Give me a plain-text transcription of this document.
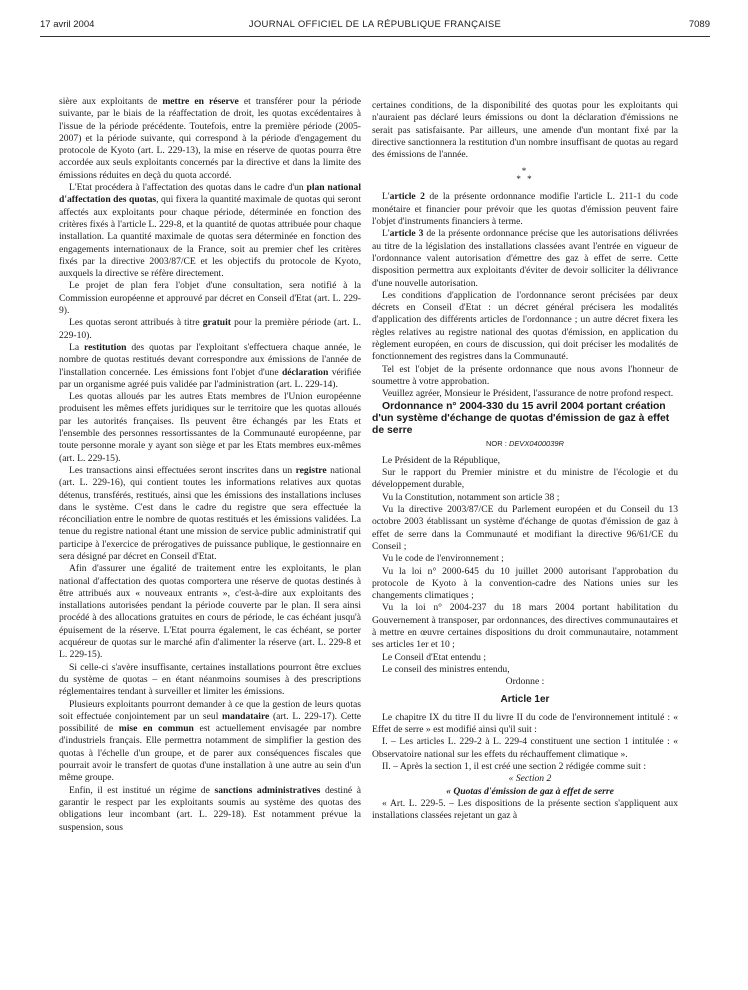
17 avril 2004	JOURNAL OFFICIEL DE LA RÉPUBLIQUE FRANÇAISE	7089

sière aux exploitants de mettre en réserve et transférer pour la période suivante, par le biais de la réaffectation de droit, les quotas excédentaires à l'issue de la période précédente. Toutefois, entre la première période (2005-2007) et la période suivante, qui correspond à la période d'engagement du protocole de Kyoto (art. L. 229-13), la mise en réserve de quotas pourra être accordée aux seuls exploitants concernés par la directive et dans la limite des émissions réduites en deçà du quota accordé.

L'Etat procédera à l'affectation des quotas dans le cadre d'un plan national d'affectation des quotas, qui fixera la quantité maximale de quotas qui seront affectés aux exploitants pour chaque période, déterminée en fonction des critères fixés à l'article L. 229-8, et la quantité de quotas attribuée pour chaque installation. La quantité maximale de quotas sera déterminée en fonction des engagements internationaux de la France, soit au premier chef les critères fixés par la directive 2003/87/CE et les objectifs du protocole de Kyoto, auxquels la directive se réfère directement.

Le projet de plan fera l'objet d'une consultation, sera notifié à la Commission européenne et approuvé par décret en Conseil d'Etat (art. L. 229-9).

Les quotas seront attribués à titre gratuit pour la première période (art. L. 229-10).

La restitution des quotas par l'exploitant s'effectuera chaque année, le nombre de quotas restitués devant correspondre aux émissions de l'année de l'installation concernée. Les émissions font l'objet d'une déclaration vérifiée par un organisme agréé puis validée par l'administration (art. L. 229-14).

Les quotas alloués par les autres Etats membres de l'Union européenne produisent les mêmes effets juridiques sur le territoire que les quotas alloués par les autorités françaises. Ils peuvent être échangés par les Etats et l'ensemble des personnes ressortissantes de la Communauté européenne, par toute personne morale y ayant son siège et par les Etats membres eux-mêmes (art. L. 229-15).

Les transactions ainsi effectuées seront inscrites dans un registre national (art. L. 229-16), qui contient toutes les informations relatives aux quotas détenus, transférés, restitués, ainsi que les émissions des installations incluses dans le système. C'est dans le cadre du registre que sera effectuée la réconciliation entre le nombre de quotas restitués et les émissions validées. La tenue du registre national étant une mission de service public administratif qui participe à l'exercice de prérogatives de puissance publique, le gestionnaire en sera désigné par décret en Conseil d'Etat.

Afin d'assurer une égalité de traitement entre les exploitants, le plan national d'affectation des quotas comportera une réserve de quotas destinés à être attribués aux « nouveaux entrants », c'est-à-dire aux exploitants des installations autorisées pendant la période couverte par le plan. Il sera ainsi procédé à des allocations gratuites en cours de période, le cas échéant jusqu'à épuisement de la réserve. L'Etat pourra également, le cas échéant, se porter acquéreur de quotas sur le marché afin d'alimenter la réserve (art. L. 229-8 et L. 229-15).

Si celle-ci s'avère insuffisante, certaines installations pourront être exclues du système de quotas – en étant néanmoins soumises à des prescriptions réglementaires tendant à surveiller et limiter les émissions.

Plusieurs exploitants pourront demander à ce que la gestion de leurs quotas soit effectuée conjointement par un seul mandataire (art. L. 229-17). Cette possibilité de mise en commun est actuellement envisagée par nombre d'industriels français. Elle permettra notamment de simplifier la gestion des quotas à l'échelle d'un groupe, et de parer aux conséquences fiscales que pourrait avoir le transfert de quotas d'une installation à une autre au sein d'un même groupe.

Enfin, il est institué un régime de sanctions administratives destiné à garantir le respect par les exploitants soumis au système des quotas des obligations leur incombant (art. L. 229-18). Est notamment prévue la suspension, sous

certaines conditions, de la disponibilité des quotas pour les exploitants qui n'auraient pas déclaré leurs émissions ou dont la déclaration d'émissions ne serait pas satisfaisante. Par ailleurs, une amende d'un montant fixé par la directive sanctionnera la restitution d'un nombre insuffisant de quotas au regard des émissions de l'année.

*
* *

L'article 2 de la présente ordonnance modifie l'article L. 211-1 du code monétaire et financier pour prévoir que les quotas d'émission peuvent faire l'objet d'instruments financiers à terme.

L'article 3 de la présente ordonnance précise que les autorisations délivrées au titre de la législation des installations classées avant l'entrée en vigueur de l'ordonnance valent autorisation d'émettre des gaz à effet de serre. Cette disposition permettra aux exploitants d'éviter de devoir solliciter la délivrance d'une nouvelle autorisation.

Les conditions d'application de l'ordonnance seront précisées par deux décrets en Conseil d'Etat : un décret général précisera les modalités d'application des différents articles de l'ordonnance ; un autre décret fixera les règles relatives au registre national des quotas d'émission, en application du règlement européen, en cours de discussion, qui doit préciser les modalités de fonctionnement des registres dans la Communauté.

Tel est l'objet de la présente ordonnance que nous avons l'honneur de soumettre à votre approbation.

Veuillez agréer, Monsieur le Président, l'assurance de notre profond respect.

Ordonnance n° 2004-330 du 15 avril 2004 portant création d'un système d'échange de quotas d'émission de gaz à effet de serre

NOR : DEVX0400039R

Le Président de la République,

Sur le rapport du Premier ministre et du ministre de l'écologie et du développement durable,

Vu la Constitution, notamment son article 38 ;

Vu la directive 2003/87/CE du Parlement européen et du Conseil du 13 octobre 2003 établissant un système d'échange de quotas d'émission de gaz à effet de serre dans la Communauté et modifiant la directive 96/61/CE du Conseil ;

Vu le code de l'environnement ;

Vu la loi n° 2000-645 du 10 juillet 2000 autorisant l'approbation du protocole de Kyoto à la convention-cadre des Nations unies sur les changements climatiques ;

Vu la loi n° 2004-237 du 18 mars 2004 portant habilitation du Gouvernement à transposer, par ordonnances, des directives communautaires et à mettre en œuvre certaines dispositions du droit communautaire, notamment ses articles 1er et 10 ;

Le Conseil d'Etat entendu ;

Le conseil des ministres entendu,

Ordonne :

Article 1er

Le chapitre IX du titre II du livre II du code de l'environnement intitulé : « Effet de serre » est modifié ainsi qu'il suit :

I. – Les articles L. 229-2 à L. 229-4 constituent une section 1 intitulée : « Observatoire national sur les effets du réchauffement climatique ».

II. – Après la section 1, il est créé une section 2 rédigée comme suit :

« Section 2

« Quotas d'émission de gaz à effet de serre

« Art. L. 229-5. – Les dispositions de la présente section s'appliquent aux installations classées rejetant un gaz à
